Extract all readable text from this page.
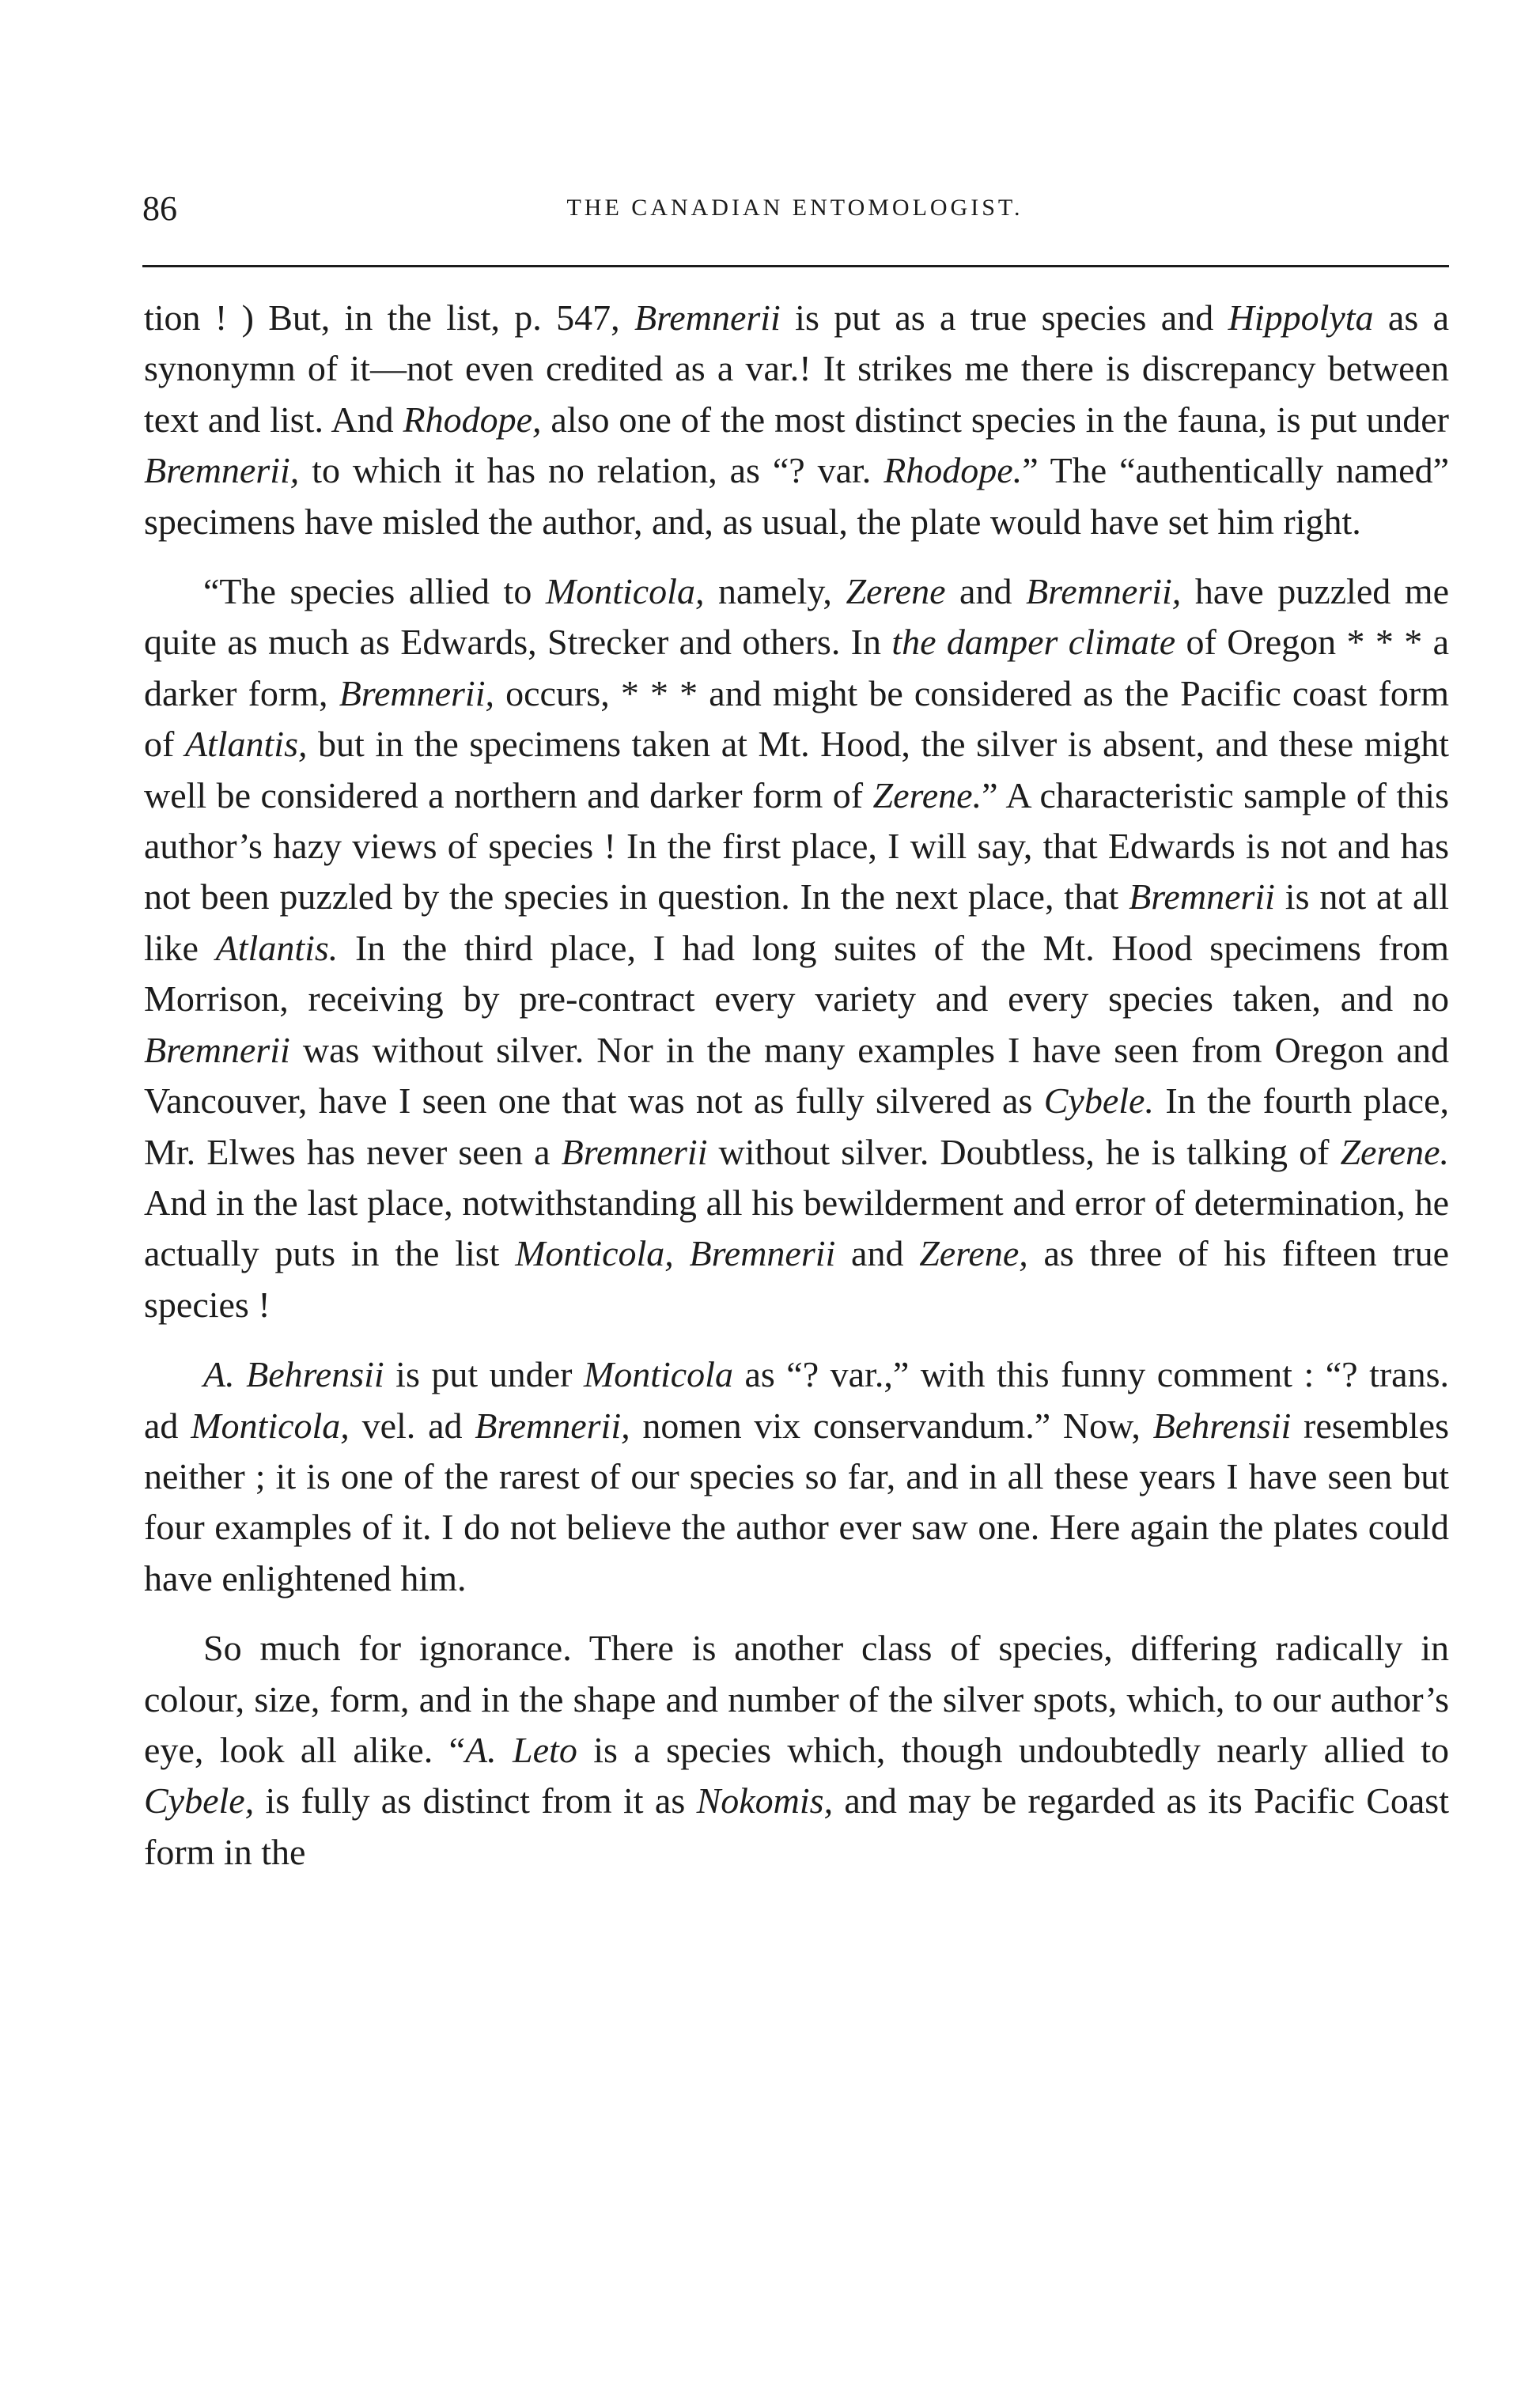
86	THE CANADIAN ENTOMOLOGIST.

tion ! ) But, in the list, p. 547, Bremnerii is put as a true species and Hippolyta as a synonymn of it—not even credited as a var.! It strikes me there is discrepancy between text and list. And Rhodope, also one of the most distinct species in the fauna, is put under Bremnerii, to which it has no relation, as “? var. Rhodope.” The “authentically named” specimens have misled the author, and, as usual, the plate would have set him right.

“The species allied to Monticola, namely, Zerene and Bremnerii, have puzzled me quite as much as Edwards, Strecker and others. In the damper climate of Oregon * * * a darker form, Bremnerii, occurs, * * * and might be considered as the Pacific coast form of Atlantis, but in the specimens taken at Mt. Hood, the silver is absent, and these might well be considered a northern and darker form of Zerene.” A characteristic sample of this author’s hazy views of species ! In the first place, I will say, that Edwards is not and has not been puzzled by the species in question. In the next place, that Bremnerii is not at all like Atlantis. In the third place, I had long suites of the Mt. Hood specimens from Morrison, receiving by pre-contract every variety and every species taken, and no Bremnerii was without silver. Nor in the many examples I have seen from Oregon and Vancouver, have I seen one that was not as fully silvered as Cybele. In the fourth place, Mr. Elwes has never seen a Bremnerii without silver. Doubtless, he is talking of Zerene. And in the last place, notwithstanding all his bewilderment and error of determination, he actually puts in the list Monticola, Bremnerii and Zerene, as three of his fifteen true species !

A. Behrensii is put under Monticola as “? var.,” with this funny comment : “? trans. ad Monticola, vel. ad Bremnerii, nomen vix conservandum.” Now, Behrensii resembles neither ; it is one of the rarest of our species so far, and in all these years I have seen but four examples of it. I do not believe the author ever saw one. Here again the plates could have enlightened him.

So much for ignorance. There is another class of species, differing radically in colour, size, form, and in the shape and number of the silver spots, which, to our author’s eye, look all alike. “A. Leto is a species which, though undoubtedly nearly allied to Cybele, is fully as distinct from it as Nokomis, and may be regarded as its Pacific Coast form in the
